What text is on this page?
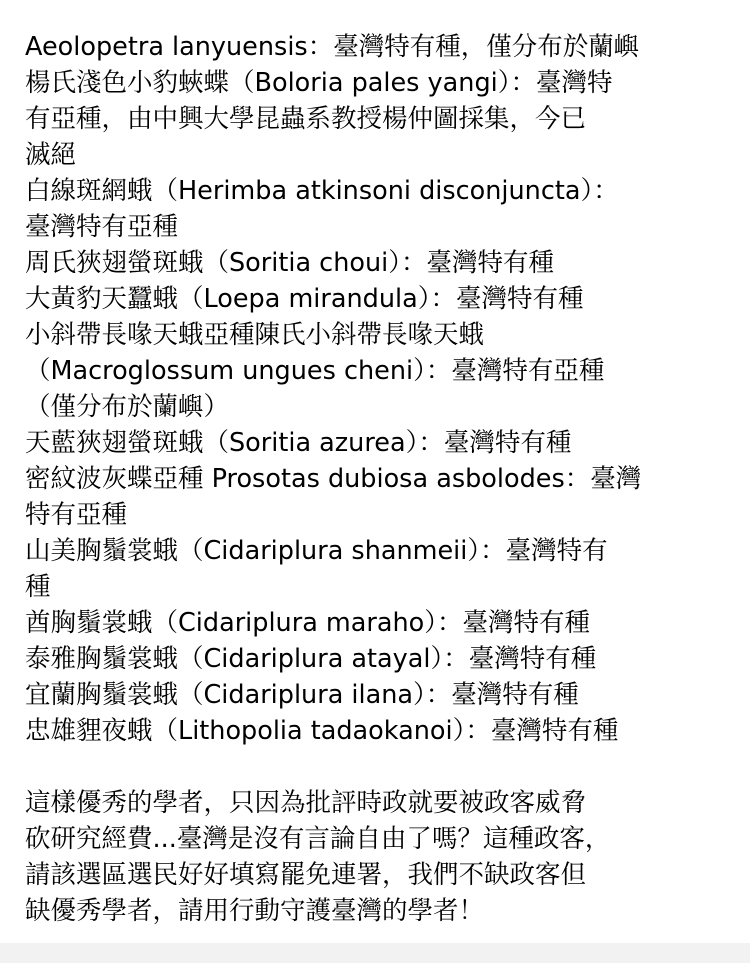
Aeolopetra lanyuensis：臺灣特有種，僅分布於蘭嶼
楊氏淺色小豹蛺蝶（Boloria pales yangi）：臺灣特
有亞種，由中興大學昆蟲系教授楊仲圖採集，今已
滅絕
白線斑網蛾（Herimba atkinsoni disconjuncta）：
臺灣特有亞種
周氏狹翅螢斑蛾（Soritia choui）：臺灣特有種
大黃豹天蠶蛾（Loepa mirandula）：臺灣特有種
小斜帶長喙天蛾亞種陳氏小斜帶長喙天蛾
（Macroglossum ungues cheni）：臺灣特有亞種
（僅分布於蘭嶼）
天藍狹翅螢斑蛾（Soritia azurea）：臺灣特有種
密紋波灰蝶亞種 Prosotas dubiosa asbolodes：臺灣
特有亞種
山美胸鬚裳蛾（Cidariplura shanmeii）：臺灣特有
種
酋胸鬚裳蛾（Cidariplura maraho）：臺灣特有種
泰雅胸鬚裳蛾（Cidariplura atayal）：臺灣特有種
宜蘭胸鬚裳蛾（Cidariplura ilana）：臺灣特有種
忠雄貍夜蛾（Lithopolia tadaokanoi）：臺灣特有種
這樣優秀的學者，只因為批評時政就要被政客威脅
砍研究經費...臺灣是沒有言論自由了嗎？這種政客，
請該選區選民好好填寫罷免連署，我們不缺政客但
缺優秀學者，請用行動守護臺灣的學者！
